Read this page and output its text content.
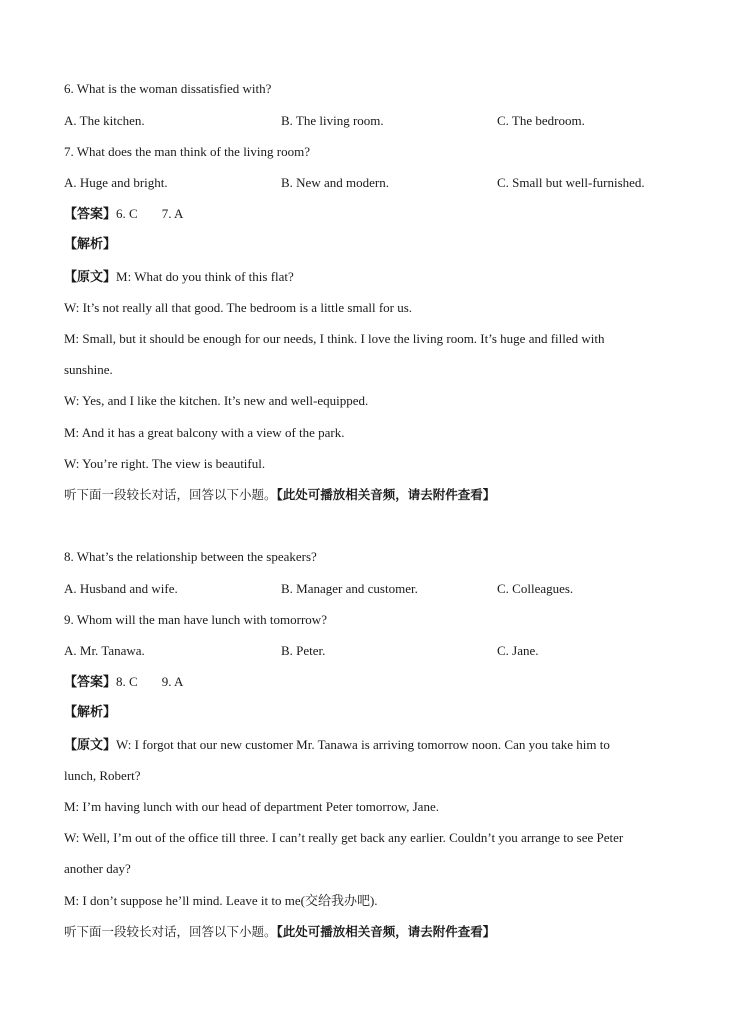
6. What is the woman dissatisfied with?
A. The kitchen.	B. The living room.	C. The bedroom.
7. What does the man think of the living room?
A. Huge and bright.	B. New and modern.	C. Small but well-furnished.
【答案】6. C 7. A
【解析】
【原文】M: What do you think of this flat?
W: It’s not really all that good. The bedroom is a little small for us.
M: Small, but it should be enough for our needs, I think. I love the living room. It’s huge and filled with
sunshine.
W: Yes, and I like the kitchen. It’s new and well-equipped.
M: And it has a great balcony with a view of the park.
W: You’re right. The view is beautiful.
听下面一段较长对话，回答以下小题。【此处可播放相关音频，请去附件查看】
8. What’s the relationship between the speakers?
A. Husband and wife.	B. Manager and customer.	C. Colleagues.
9. Whom will the man have lunch with tomorrow?
A. Mr. Tanawa.	B. Peter.	C. Jane.
【答案】8. C 9. A
【解析】
【原文】W: I forgot that our new customer Mr. Tanawa is arriving tomorrow noon. Can you take him to
lunch, Robert?
M: I’m having lunch with our head of department Peter tomorrow, Jane.
W: Well, I’m out of the office till three. I can’t really get back any earlier. Couldn’t you arrange to see Peter
another day?
M: I don’t suppose he’ll mind. Leave it to me(交给我办吧).
听下面一段较长对话，回答以下小题。【此处可播放相关音频，请去附件查看】
